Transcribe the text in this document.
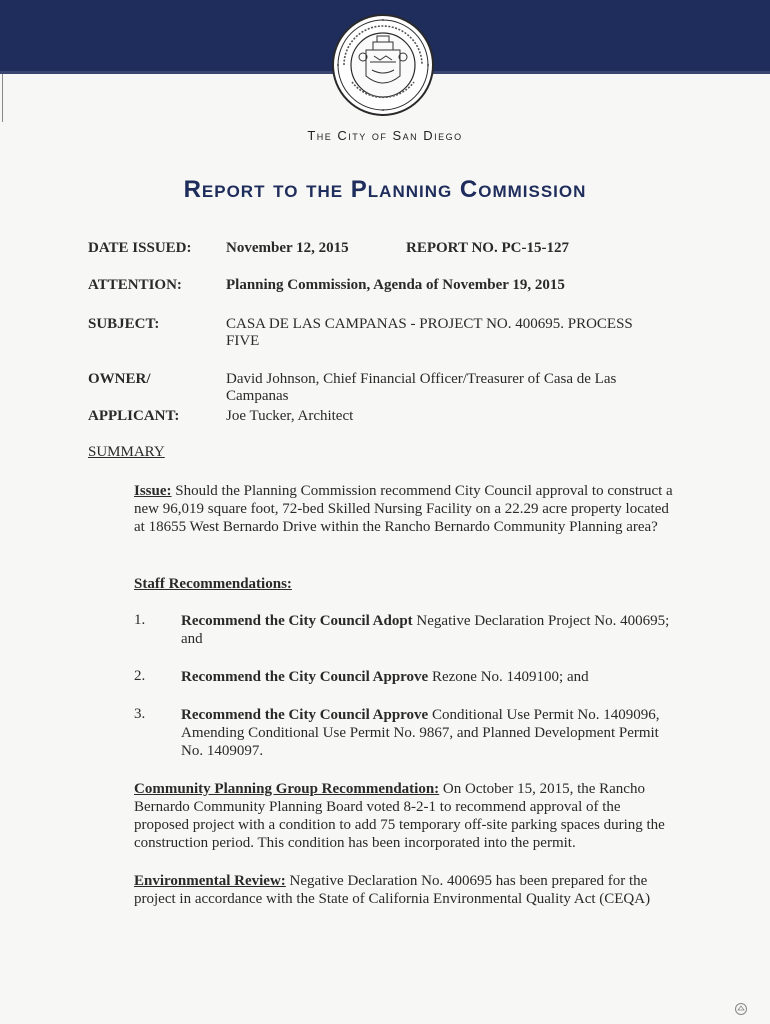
The City of San Diego
Report to the Planning Commission
DATE ISSUED: November 12, 2015	REPORT NO. PC-15-127
ATTENTION:	Planning Commission, Agenda of November 19, 2015
SUBJECT:	CASA DE LAS CAMPANAS - PROJECT NO. 400695. PROCESS FIVE
OWNER/	David Johnson, Chief Financial Officer/Treasurer of Casa de Las Campanas
APPLICANT:	Joe Tucker, Architect
SUMMARY
Issue: Should the Planning Commission recommend City Council approval to construct a new 96,019 square foot, 72-bed Skilled Nursing Facility on a 22.29 acre property located at 18655 West Bernardo Drive within the Rancho Bernardo Community Planning area?
Staff Recommendations:
1. Recommend the City Council Adopt Negative Declaration Project No. 400695; and
2. Recommend the City Council Approve Rezone No. 1409100; and
3. Recommend the City Council Approve Conditional Use Permit No. 1409096, Amending Conditional Use Permit No. 9867, and Planned Development Permit No. 1409097.
Community Planning Group Recommendation: On October 15, 2015, the Rancho Bernardo Community Planning Board voted 8-2-1 to recommend approval of the proposed project with a condition to add 75 temporary off-site parking spaces during the construction period. This condition has been incorporated into the permit.
Environmental Review: Negative Declaration No. 400695 has been prepared for the project in accordance with the State of California Environmental Quality Act (CEQA)
